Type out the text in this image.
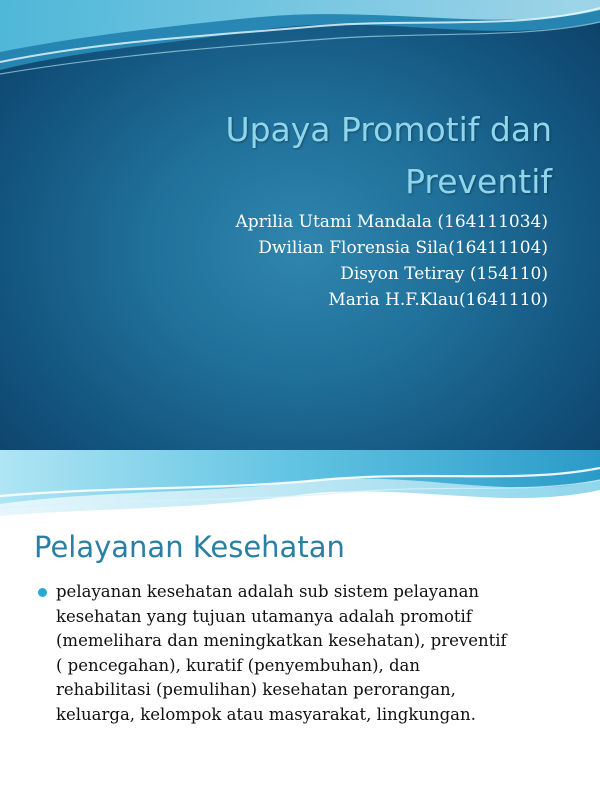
Upaya Promotif dan
Preventif
Aprilia Utami Mandala (164111034)
Dwilian Florensia Sila(16411104)
Disyon Tetiray (154110)
Maria H.F.Klau(1641110)
Pelayanan Kesehatan
pelayanan kesehatan adalah sub sistem pelayanan
kesehatan yang tujuan utamanya adalah promotif
(memelihara dan meningkatkan kesehatan), preventif
( pencegahan), kuratif (penyembuhan), dan
rehabilitasi (pemulihan) kesehatan perorangan,
keluarga, kelompok atau masyarakat, lingkungan.
